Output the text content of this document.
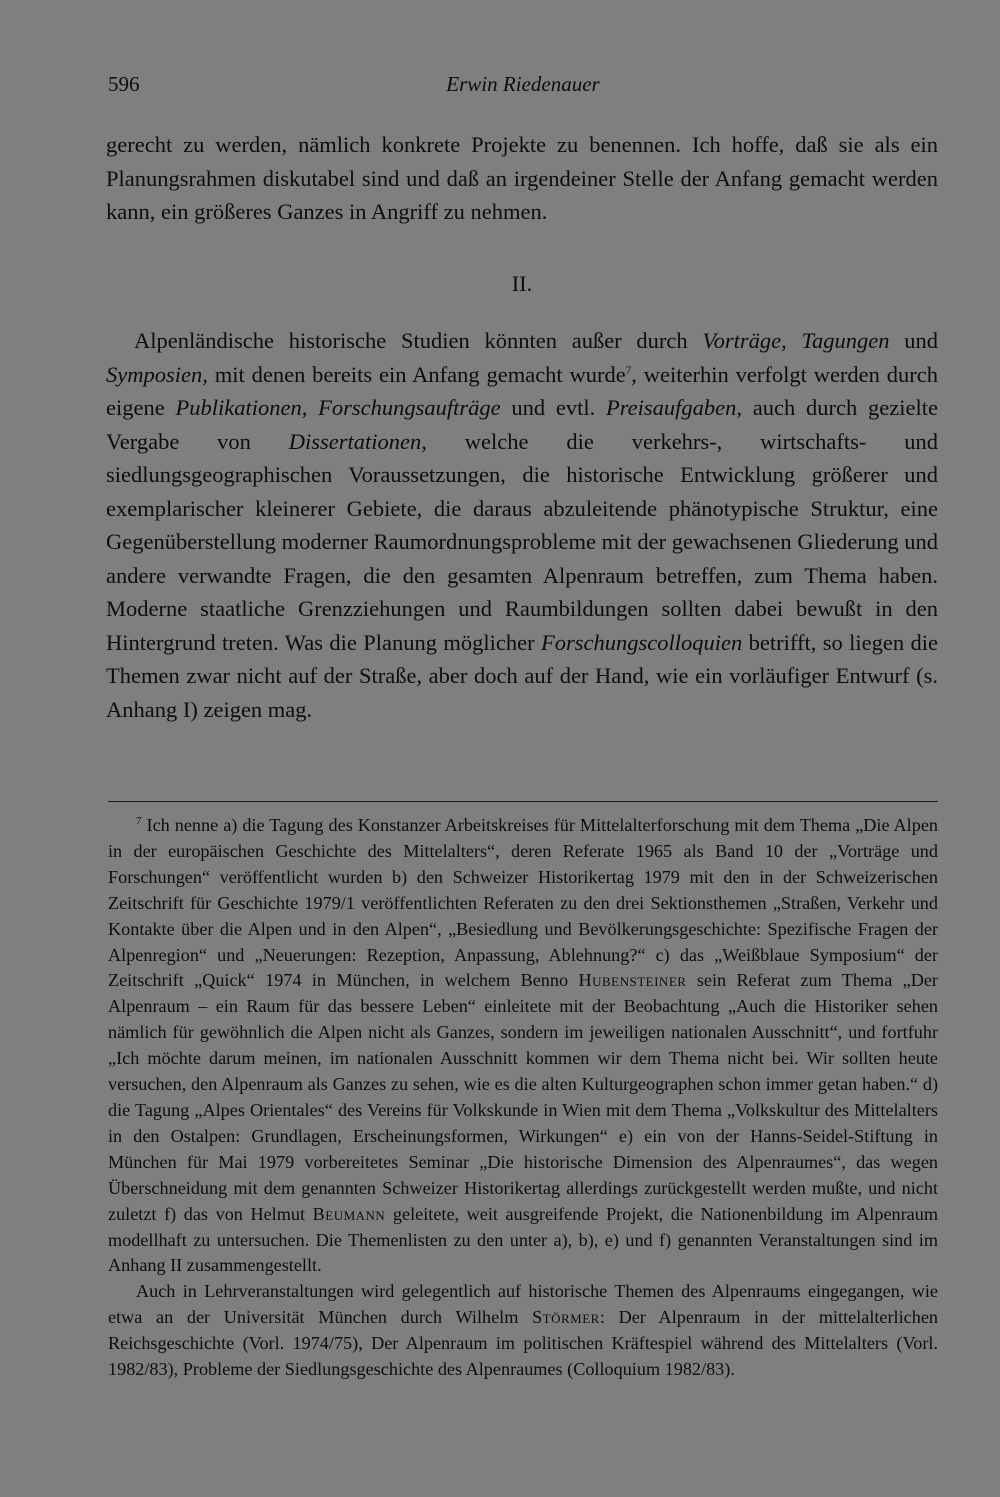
596	Erwin Riedenauer

gerecht zu werden, nämlich konkrete Projekte zu benennen. Ich hoffe, daß sie als ein Planungsrahmen diskutabel sind und daß an irgendeiner Stelle der Anfang gemacht werden kann, ein größeres Ganzes in Angriff zu nehmen.

II.

Alpenländische historische Studien könnten außer durch Vorträge, Tagungen und Symposien, mit denen bereits ein Anfang gemacht wurde$^7$, weiterhin verfolgt werden durch eigene Publikationen, Forschungsaufträge und evtl. Preisaufgaben, auch durch gezielte Vergabe von Dissertationen, welche die verkehrs-, wirtschafts- und siedlungsgeographischen Voraussetzungen, die historische Entwicklung größerer und exemplarischer kleinerer Gebiete, die daraus abzuleitende phänotypische Struktur, eine Gegenüberstellung moderner Raumordnungsprobleme mit der gewachsenen Gliederung und andere verwandte Fragen, die den gesamten Alpenraum betreffen, zum Thema haben. Moderne staatliche Grenzziehungen und Raumbildungen sollten dabei bewußt in den Hintergrund treten. Was die Planung möglicher Forschungscolloquien betrifft, so liegen die Themen zwar nicht auf der Straße, aber doch auf der Hand, wie ein vorläufiger Entwurf (s. Anhang I) zeigen mag.

$^7$ Ich nenne a) die Tagung des Konstanzer Arbeitskreises für Mittelalterforschung mit dem Thema „Die Alpen in der europäischen Geschichte des Mittelalters“, deren Referate 1965 als Band 10 der „Vorträge und Forschungen“ veröffentlicht wurden b) den Schweizer Historikertag 1979 mit den in der Schweizerischen Zeitschrift für Geschichte 1979/1 veröffentlichten Referaten zu den drei Sektionsthemen „Straßen, Verkehr und Kontakte über die Alpen und in den Alpen“, „Besiedlung und Bevölkerungsgeschichte: Spezifische Fragen der Alpenregion“ und „Neuerungen: Rezeption, Anpassung, Ablehnung?“ c) das „Weißblaue Symposium“ der Zeitschrift „Quick“ 1974 in München, in welchem Benno Hubensteiner sein Referat zum Thema „Der Alpenraum – ein Raum für das bessere Leben“ einleitete mit der Beobachtung „Auch die Historiker sehen nämlich für gewöhnlich die Alpen nicht als Ganzes, sondern im jeweiligen nationalen Ausschnitt“, und fortfuhr „Ich möchte darum meinen, im nationalen Ausschnitt kommen wir dem Thema nicht bei. Wir sollten heute versuchen, den Alpenraum als Ganzes zu sehen, wie es die alten Kulturgeographen schon immer getan haben.“ d) die Tagung „Alpes Orientales“ des Vereins für Volkskunde in Wien mit dem Thema „Volkskultur des Mittelalters in den Ostalpen: Grundlagen, Erscheinungsformen, Wirkungen“ e) ein von der Hanns-Seidel-Stiftung in München für Mai 1979 vorbereitetes Seminar „Die historische Dimension des Alpenraumes“, das wegen Überschneidung mit dem genannten Schweizer Historikertag allerdings zurückgestellt werden mußte, und nicht zuletzt f) das von Helmut Beumann geleitete, weit ausgreifende Projekt, die Nationenbildung im Alpenraum modellhaft zu untersuchen. Die Themenlisten zu den unter a), b), e) und f) genannten Veranstaltungen sind im Anhang II zusammengestellt.

Auch in Lehrveranstaltungen wird gelegentlich auf historische Themen des Alpenraums eingegangen, wie etwa an der Universität München durch Wilhelm Störmer: Der Alpenraum in der mittelalterlichen Reichsgeschichte (Vorl. 1974/75), Der Alpenraum im politischen Kräftespiel während des Mittelalters (Vorl. 1982/83), Probleme der Siedlungsgeschichte des Alpenraumes (Colloquium 1982/83).
